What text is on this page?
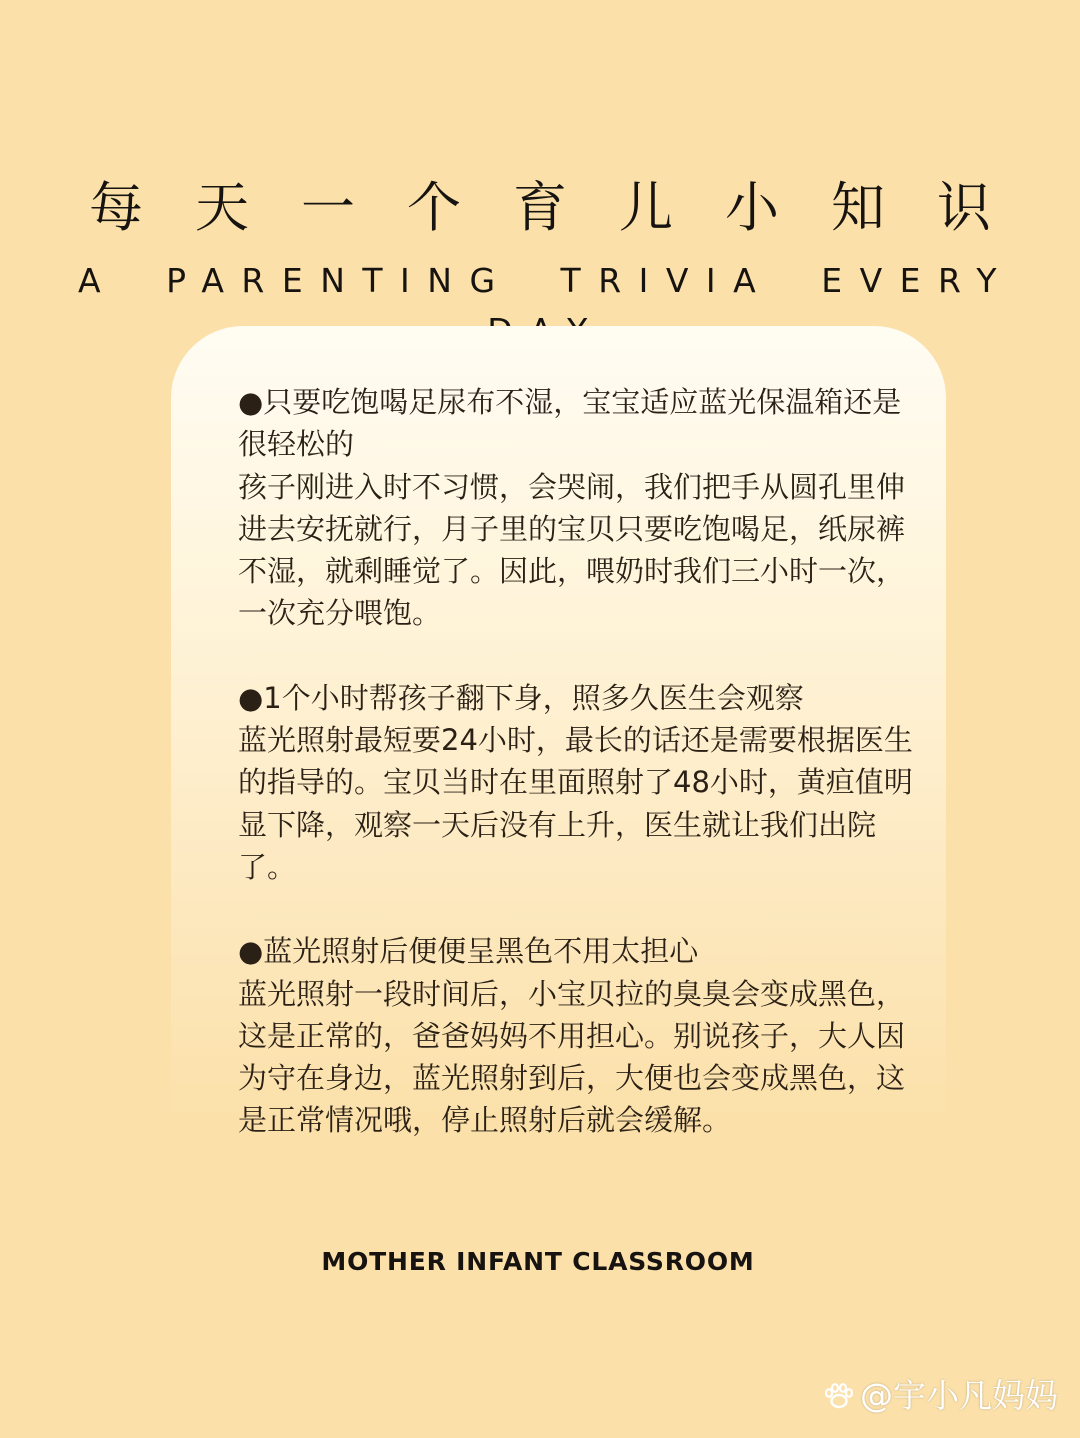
每天一个育儿小知识
A PARENTING TRIVIA EVERY
●只要吃饱喝足尿布不湿，宝宝适应蓝光保温箱还是很轻松的
孩子刚进入时不习惯，会哭闹，我们把手从圆孔里伸进去安抚就行，月子里的宝贝只要吃饱喝足，纸尿裤不湿，就剩睡觉了。因此，喂奶时我们三小时一次，一次充分喂饱。
●1个小时帮孩子翻下身，照多久医生会观察
蓝光照射最短要24小时，最长的话还是需要根据医生的指导的。宝贝当时在里面照射了48小时，黄疸值明显下降，观察一天后没有上升，医生就让我们出院了。
●蓝光照射后便便呈黑色不用太担心
蓝光照射一段时间后，小宝贝拉的臭臭会变成黑色，这是正常的，爸爸妈妈不用担心。别说孩子，大人因为守在身边，蓝光照射到后，大便也会变成黑色，这是正常情况哦，停止照射后就会缓解。
MOTHER INFANT CLASSROOM
@宇小凡妈妈
